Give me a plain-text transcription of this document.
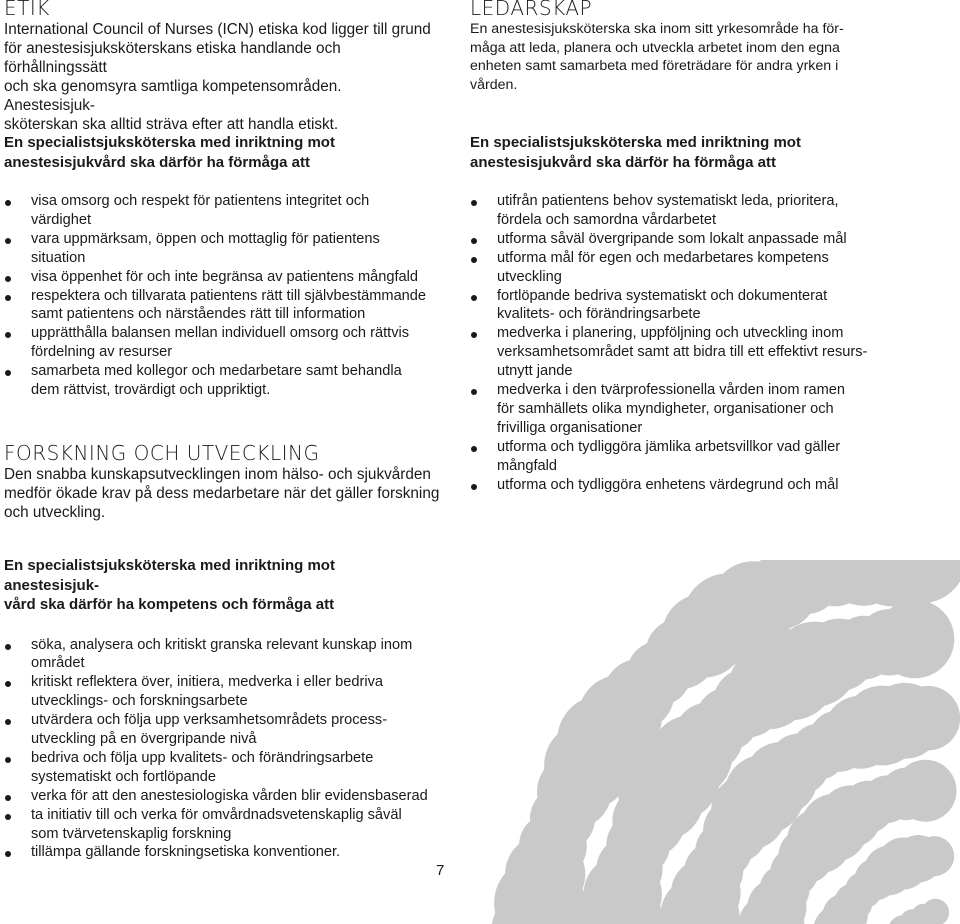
ETIK
International Council of Nurses (ICN) etiska kod ligger till grund
för anestesisjuksköterskans etiska handlande och förhållningssätt
och ska genomsyra samtliga kompetensområden. Anestesisjuk-
sköterskan ska alltid sträva efter att handla etiskt.
LEDARSKAP
En anestesisjuksköterska ska inom sitt yrkesområde ha för-
måga att leda, planera och utveckla arbetet inom den egna
enheten samt samarbeta med företrädare för andra yrken i
vården.
En specialistsjuksköterska med inriktning mot
anestesisjukvård ska därför ha förmåga att
visa omsorg och respekt för patientens integritet och
värdighet
vara uppmärksam, öppen och mottaglig för patientens
situation
visa öppenhet för och inte begränsa av patientens mångfald
respektera och tillvarata patientens rätt till självbestämmande
samt patientens och närståendes rätt till information
upprätthålla balansen mellan individuell omsorg och rättvis
fördelning av resurser
samarbeta med kollegor och medarbetare samt behandla
dem rättvist, trovärdigt och uppriktigt.
En specialistsjuksköterska med inriktning mot
anestesisjukvård ska därför ha förmåga att
utifrån patientens behov systematiskt leda, prioritera,
fördela och samordna vårdarbetet
utforma såväl övergripande som lokalt anpassade mål
utforma mål för egen och medarbetares kompetens
utveckling
fortlöpande bedriva systematiskt och dokumenterat
kvalitets- och förändringsarbete
medverka i planering, uppföljning och utveckling inom
verksamhetsområdet samt att bidra till ett effektivt resurs-
utnytt jande
medverka i den tvärprofessionella vården inom ramen
för samhällets olika myndigheter, organisationer och
frivilliga organisationer
utforma och tydliggöra jämlika arbetsvillkor vad gäller
mångfald
utforma och tydliggöra enhetens värdegrund och mål
FORSKNING OCH UTVECKLING
Den snabba kunskapsutvecklingen inom hälso- och sjukvården
medför ökade krav på dess medarbetare när det gäller forskning
och utveckling.
En specialistsjuksköterska med inriktning mot anestesisjuk-
vård ska därför ha kompetens och förmåga att
söka, analysera och kritiskt granska relevant kunskap inom
området
kritiskt reflektera över, initiera, medverka i eller bedriva
utvecklings- och forskningsarbete
utvärdera och följa upp verksamhetsområdets process-
utveckling på en övergripande nivå
bedriva och följa upp kvalitets- och förändringsarbete
systematiskt och fortlöpande
verka för att den anestesiologiska vården blir evidensbaserad
ta initiativ till och verka för omvårdnadsvetenskaplig såväl
som tvärvetenskaplig forskning
tillämpa gällande forskningsetiska konventioner.
7
